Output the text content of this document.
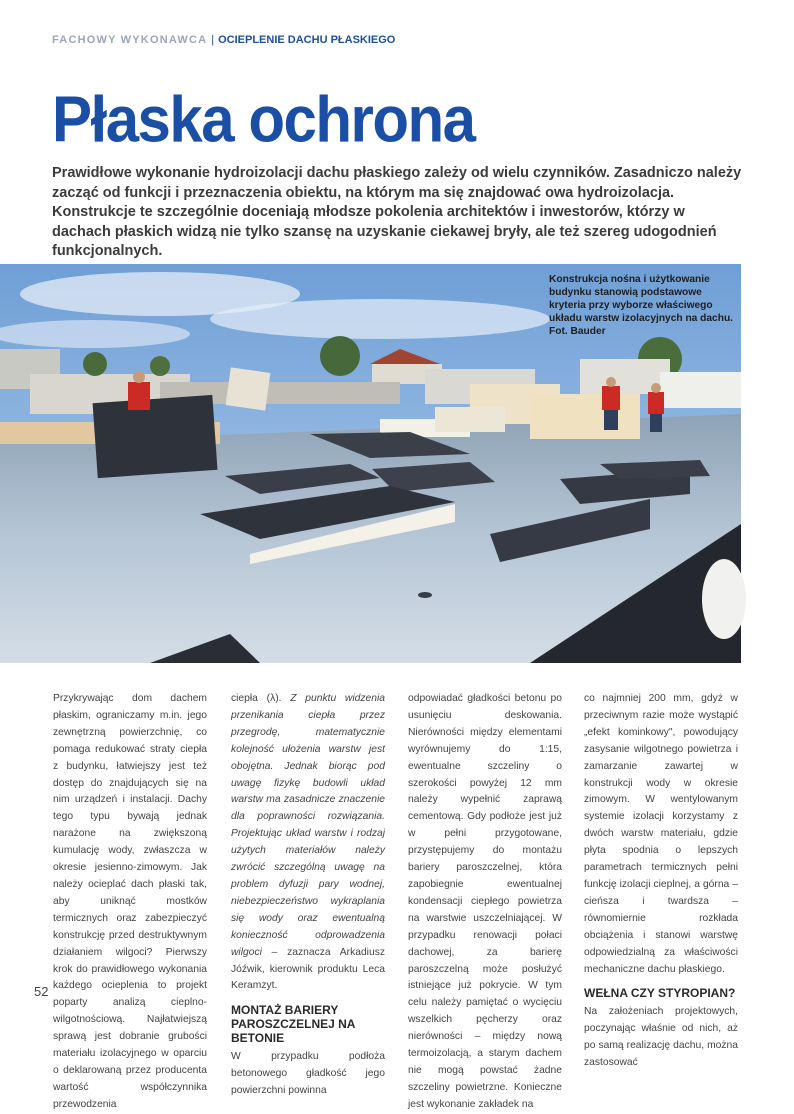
FACHOWY WYKONAWCA | OCIEPLENIE DACHU PŁASKIEGO
Płaska ochrona

Prawidłowe wykonanie hydroizolacji dachu płaskiego zależy od wielu czynników. Zasadniczo należy zacząć od funkcji i przeznaczenia obiektu, na którym ma się znajdować owa hydroizolacja. Konstrukcje te szczególnie doceniają młodsze pokolenia architektów i inwestorów, którzy w dachach płaskich widzą nie tylko szansę na uzyskanie ciekawej bryły, ale też szereg udogodnień funkcjonalnych.

Konstrukcja nośna i użytkowanie budynku stanowią podstawowe kryteria przy wyborze właściwego układu warstw izolacyjnych na dachu. Fot. Bauder

Przykrywając dom dachem płaskim, ograniczamy m.in. jego zewnętrzną powierzchnię, co pomaga redukować straty ciepła z budynku, łatwiejszy jest też dostęp do znajdujących się na nim urządzeń i instalacji. Dachy tego typu bywają jednak narażone na zwiększoną kumulację wody, zwłaszcza w okresie jesienno-zimowym. Jak należy ocieplać dach płaski tak, aby uniknąć mostków termicznych oraz zabezpieczyć konstrukcję przed destruktywnym działaniem wilgoci? Pierwszy krok do prawidłowego wykonania każdego ocieplenia to projekt poparty analizą cieplno-wilgotnościową. Najłatwiejszą sprawą jest dobranie grubości materiału izolacyjnego w oparciu o deklarowaną przez producenta wartość współczynnika przewodzenia

ciepła (λ). Z punktu widzenia przenikania ciepła przez przegrodę, matematycznie kolejność ułożenia warstw jest obojętna. Jednak biorąc pod uwagę fizykę budowli układ warstw ma zasadnicze znaczenie dla poprawności rozwiązania. Projektując układ warstw i rodzaj użytych materiałów należy zwrócić szczególną uwagę na problem dyfuzji pary wodnej, niebezpieczeństwo wykraplania się wody oraz ewentualną konieczność odprowadzenia wilgoci – zaznacza Arkadiusz Jóźwik, kierownik produktu Leca Keramzyt.

MONTAŻ BARIERY PAROSZCZELNEJ NA BETONIE

W przypadku podłoża betonowego gładkość jego powierzchni powinna

odpowiadać gładkości betonu po usunięciu deskowania. Nierówności między elementami wyrównujemy do 1:15, ewentualne szczeliny o szerokości powyżej 12 mm należy wypełnić zaprawą cementową. Gdy podłoże jest już w pełni przygotowane, przystępujemy do montażu bariery paroszczelnej, która zapobiegnie ewentualnej kondensacji ciepłego powietrza na warstwie uszczelniającej. W przypadku renowacji połaci dachowej, za barierę paroszczelną może posłużyć istniejące już pokrycie. W tym celu należy pamiętać o wycięciu wszelkich pęcherzy oraz nierówności – między nową termoizolacją, a starym dachem nie mogą powstać żadne szczeliny powietrzne. Konieczne jest wykonanie zakładek na

co najmniej 200 mm, gdyż w przeciwnym razie może wystąpić „efekt kominkowy", powodujący zasysanie wilgotnego powietrza i zamarzanie zawartej w konstrukcji wody w okresie zimowym. W wentylowanym systemie izolacji korzystamy z dwóch warstw materiału, gdzie płyta spodnia o lepszych parametrach termicznych pełni funkcję izolacji cieplnej, a górna – cieńsza i twardsza – równomiernie rozkłada obciążenia i stanowi warstwę odpowiedzialną za właściwości mechaniczne dachu płaskiego.

WEŁNA CZY STYROPIAN?

Na założeniach projektowych, poczynając właśnie od nich, aż po samą realizację dachu, można zastosować

52
